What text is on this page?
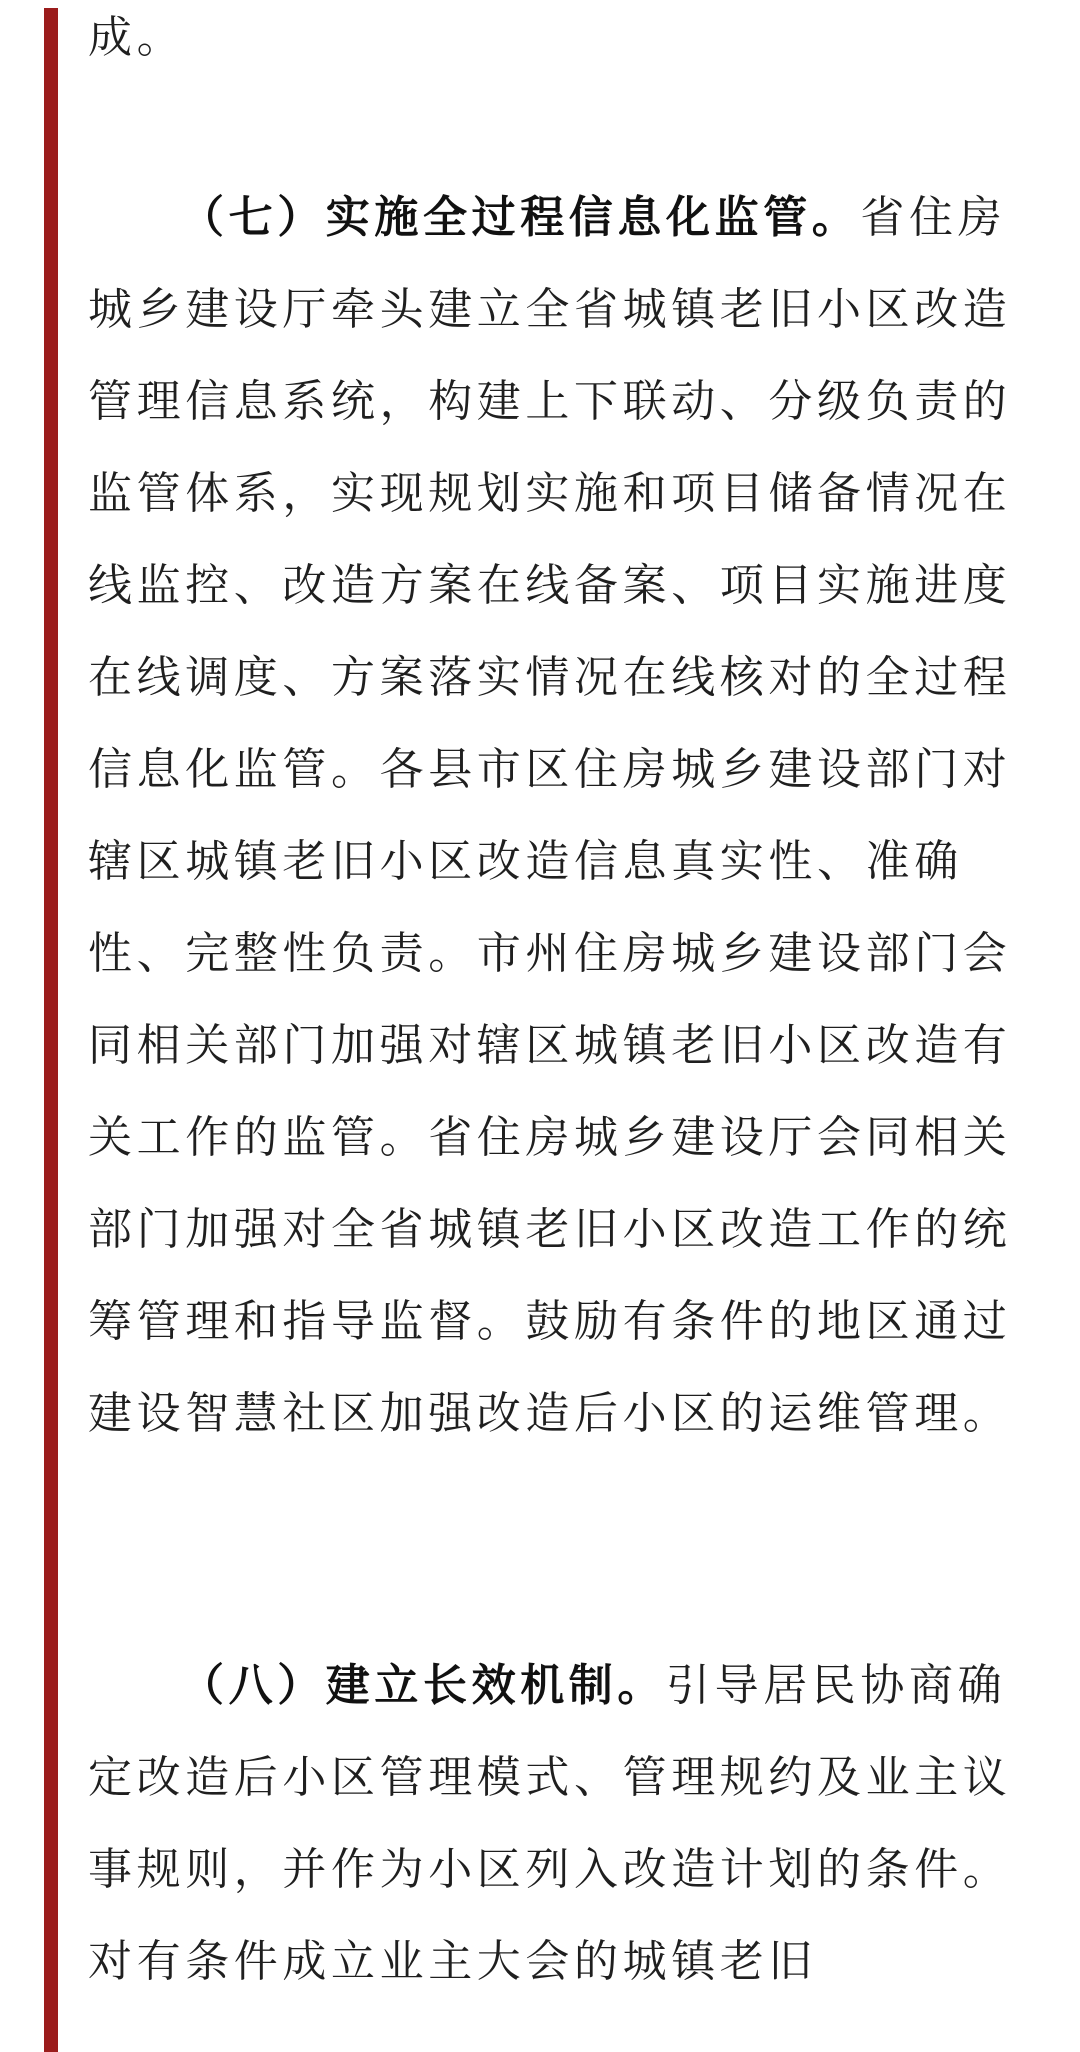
成。

（七）实施全过程信息化监管。省住房城乡建设厅牵头建立全省城镇老旧小区改造管理信息系统，构建上下联动、分级负责的监管体系，实现规划实施和项目储备情况在线监控、改造方案在线备案、项目实施进度在线调度、方案落实情况在线核对的全过程信息化监管。各县市区住房城乡建设部门对辖区城镇老旧小区改造信息真实性、准确性、完整性负责。市州住房城乡建设部门会同相关部门加强对辖区城镇老旧小区改造有关工作的监管。省住房城乡建设厅会同相关部门加强对全省城镇老旧小区改造工作的统筹管理和指导监督。鼓励有条件的地区通过建设智慧社区加强改造后小区的运维管理。

（八）建立长效机制。引导居民协商确定改造后小区管理模式、管理规约及业主议事规则，并作为小区列入改造计划的条件。对有条件成立业主大会的城镇老旧
